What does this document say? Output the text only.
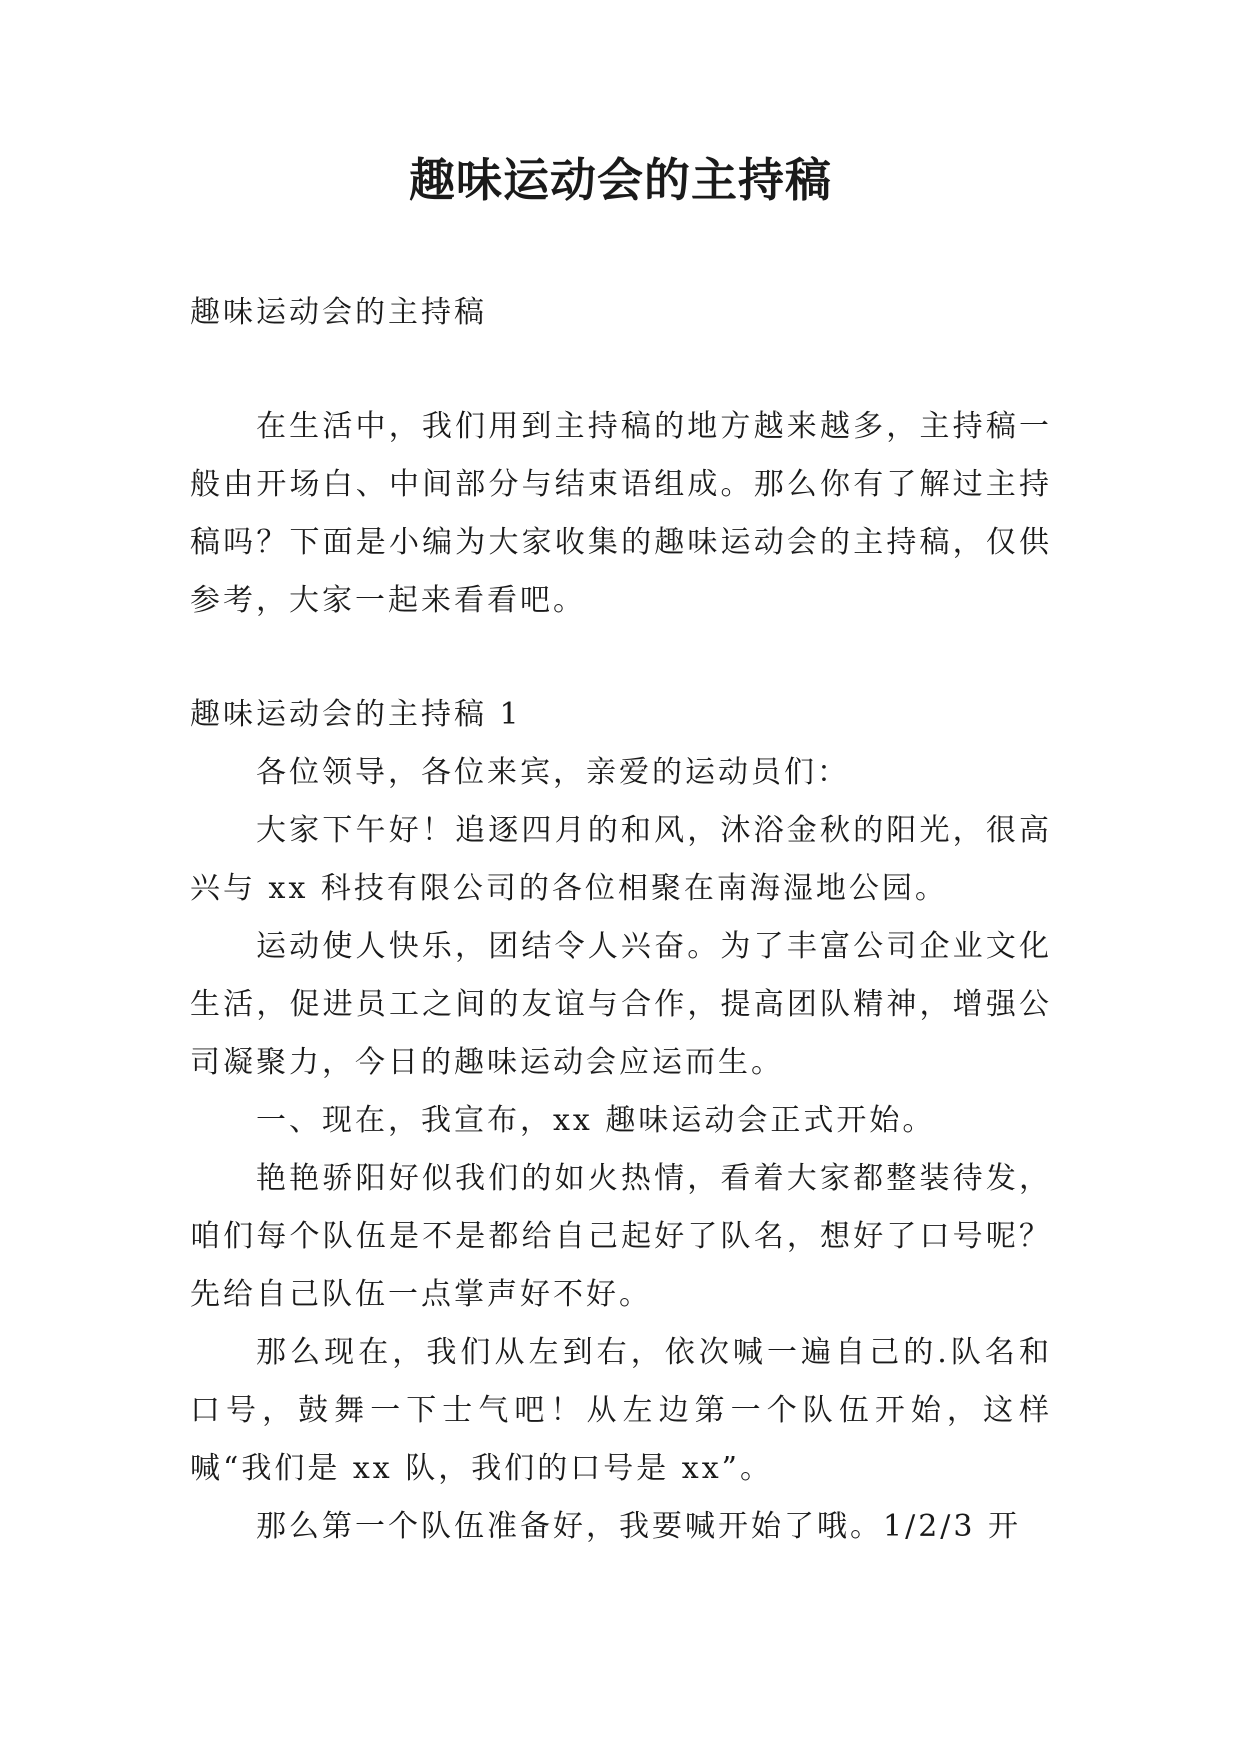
趣味运动会的主持稿

趣味运动会的主持稿

在生活中，我们用到主持稿的地方越来越多，主持稿一般由开场白、中间部分与结束语组成。那么你有了解过主持稿吗？下面是小编为大家收集的趣味运动会的主持稿，仅供参考，大家一起来看看吧。

趣味运动会的主持稿 1

各位领导，各位来宾，亲爱的运动员们：

大家下午好！追逐四月的和风，沐浴金秋的阳光，很高兴与 xx 科技有限公司的各位相聚在南海湿地公园。

运动使人快乐，团结令人兴奋。为了丰富公司企业文化生活，促进员工之间的友谊与合作，提高团队精神，增强公司凝聚力，今日的趣味运动会应运而生。

一、现在，我宣布，xx 趣味运动会正式开始。

艳艳骄阳好似我们的如火热情，看着大家都整装待发，咱们每个队伍是不是都给自己起好了队名，想好了口号呢？先给自己队伍一点掌声好不好。

那么现在，我们从左到右，依次喊一遍自己的.队名和口号，鼓舞一下士气吧！从左边第一个队伍开始，这样喊“我们是 xx 队，我们的口号是 xx”。

那么第一个队伍准备好，我要喊开始了哦。1/2/3 开
